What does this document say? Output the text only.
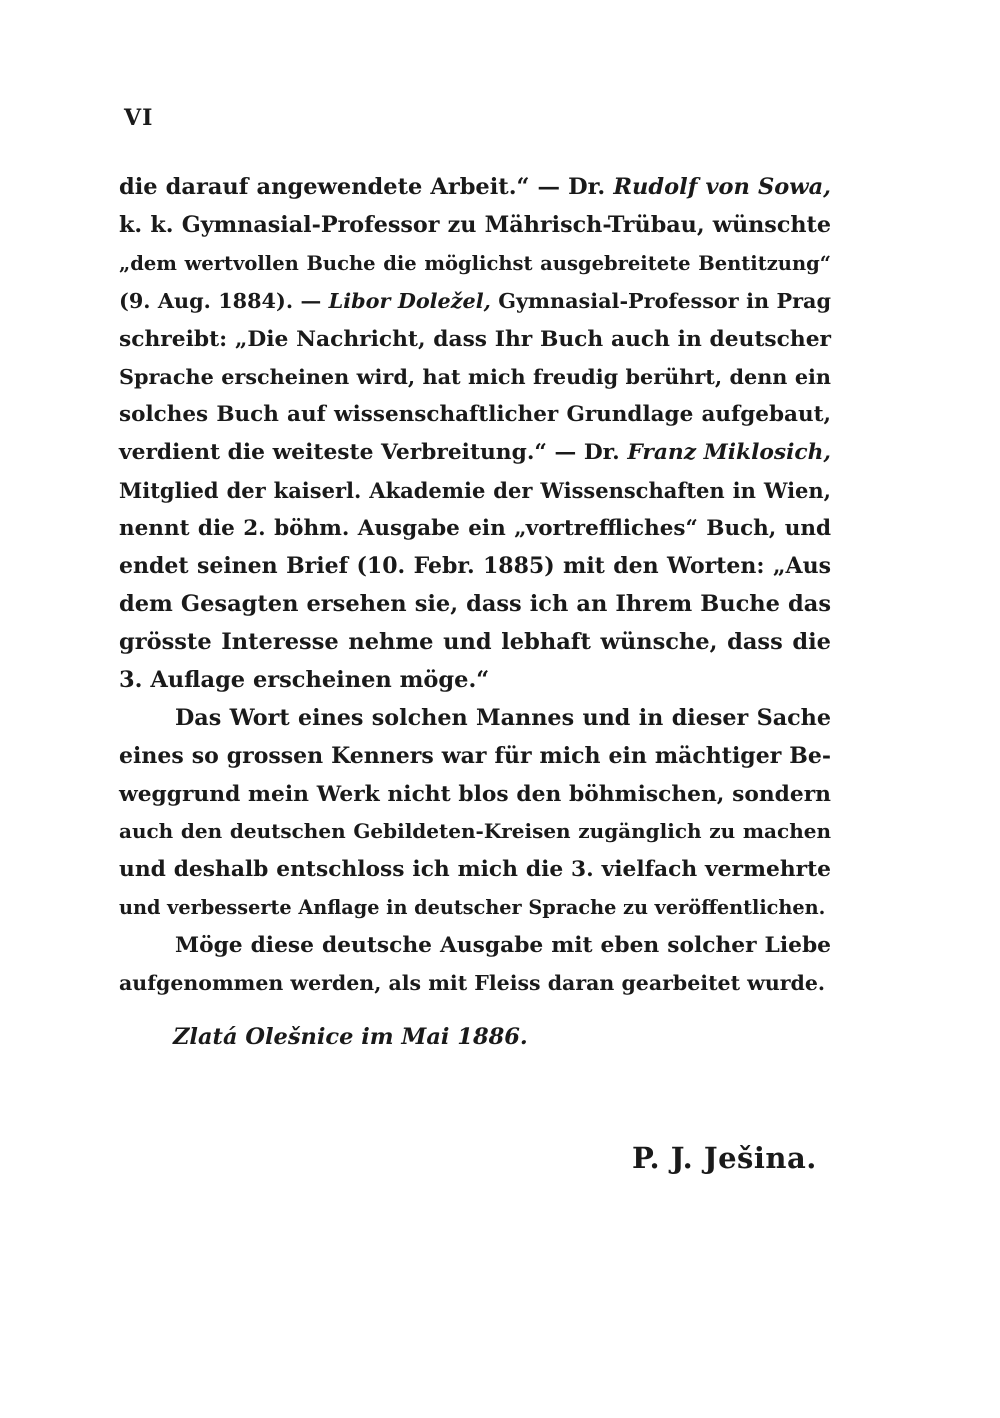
VI

die darauf angewendete Arbeit.“ — Dr. Rudolf von Sowa,
k. k. Gymnasial-Professor zu Mährisch-Trübau, wünschte
„dem wertvollen Buche die möglichst ausgebreitete Bentitzung“
(9. Aug. 1884). — Libor Doležel, Gymnasial-Professor in Prag
schreibt: „Die Nachricht, dass Ihr Buch auch in deutscher
Sprache erscheinen wird, hat mich freudig berührt, denn ein
solches Buch auf wissenschaftlicher Grundlage aufgebaut,
verdient die weiteste Verbreitung.“ — Dr. Franz Miklosich,
Mitglied der kaiserl. Akademie der Wissenschaften in Wien,
nennt die 2. böhm. Ausgabe ein „vortreffliches“ Buch, und
endet seinen Brief (10. Febr. 1885) mit den Worten: „Aus
dem Gesagten ersehen sie, dass ich an Ihrem Buche das
grösste Interesse nehme und lebhaft wünsche, dass die
3. Auflage erscheinen möge.“

Das Wort eines solchen Mannes und in dieser Sache
eines so grossen Kenners war für mich ein mächtiger Be-
weggrund mein Werk nicht blos den böhmischen, sondern
auch den deutschen Gebildeten-Kreisen zugänglich zu machen
und deshalb entschloss ich mich die 3. vielfach vermehrte
und verbesserte Anflage in deutscher Sprache zu veröffentlichen.

Möge diese deutsche Ausgabe mit eben solcher Liebe
aufgenommen werden, als mit Fleiss daran gearbeitet wurde.

Zlatá Olešnice im Mai 1886.
P. J. Ješina.
